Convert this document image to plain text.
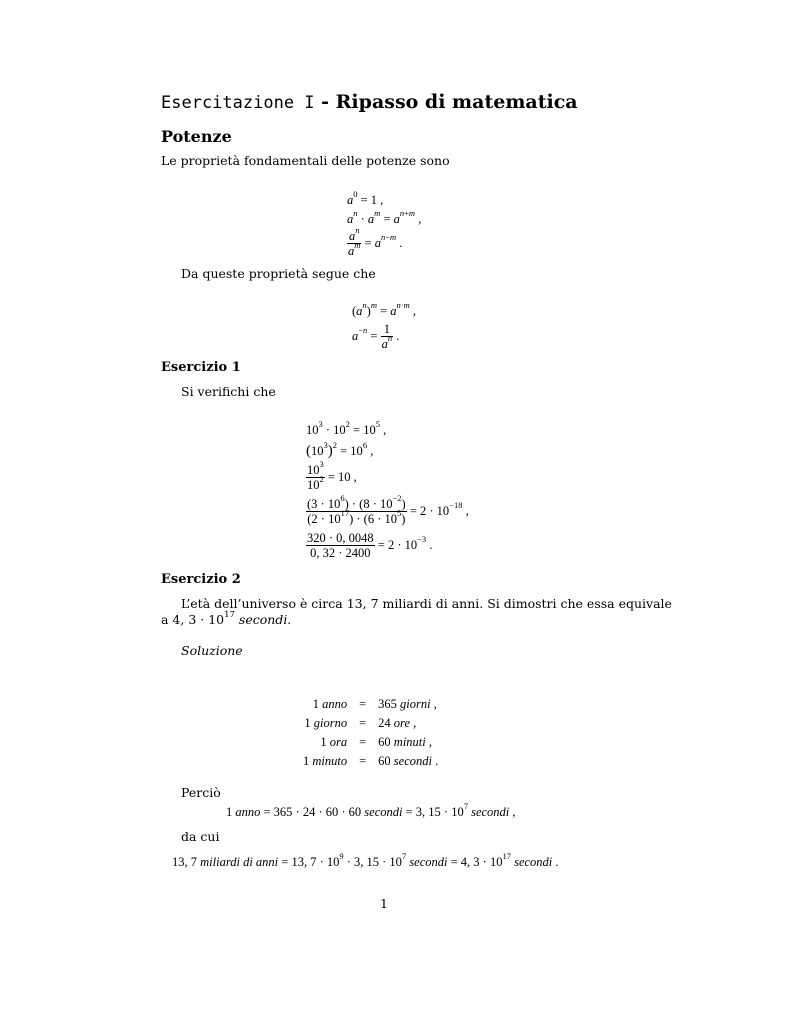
Esercitazione I - Ripasso di matematica
Potenze
Le proprietà fondamentali delle potenze sono
$a^0 = 1$ ,
$a^n \cdot a^m = a^{n+m}$ ,
$\frac{a^n}{a^m} = a^{n-m}$ .
Da queste proprietà segue che
$(a^n)^m = a^{n\cdot m}$ ,
$a^{-n} = \frac{1}{a^n}$ .
Esercizio 1
Si verifichi che
$10^3 \cdot 10^2 = 10^5$ ,
$(10^3)^2 = 10^6$ ,
$\frac{10^3}{10^2} = 10$ ,
$\frac{(3 \cdot 10^6) \cdot (8 \cdot 10^{-2})}{(2 \cdot 10^{17}) \cdot (6 \cdot 10^5)} = 2 \cdot 10^{-18}$ ,
$\frac{320 \cdot 0, 0048}{0, 32 \cdot 2400} = 2 \cdot 10^{-3}$ .
Esercizio 2
L’età dell’universo è circa 13, 7 miliardi di anni. Si dimostri che essa equivale
a 4, $3 \cdot 10^{17}$ secondi.
Soluzione
1 anno	=	365 giorni ,
1 giorno	=	24 ore ,
1 ora	=	60 minuti ,
1 minuto	=	60 secondi .
Perciò
1 anno = 365 · 24 · 60 · 60 secondi = 3, $15 \cdot 10^7$ secondi ,
da cui
13, 7 miliardi di anni = 13, $7 \cdot 10^9 \cdot 3$, $15 \cdot 10^7$ secondi = 4, $3 \cdot 10^{17}$ secondi .
1
